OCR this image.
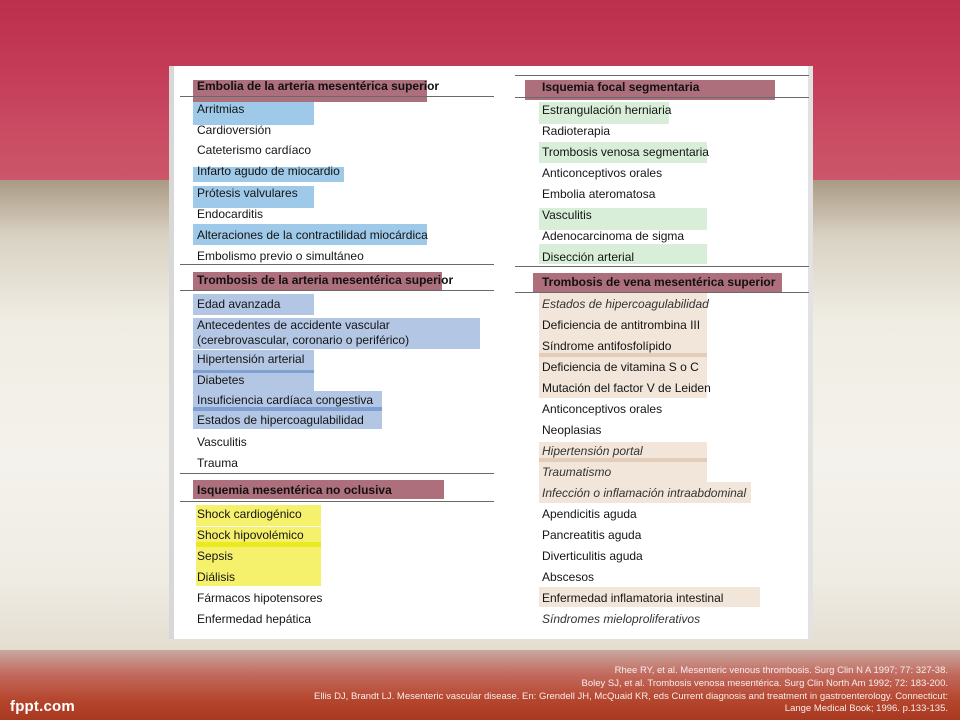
Embolia de la arteria mesentérica superior
Arritmias
Cardioversión
Cateterismo cardíaco
Infarto agudo de miocardio
Prótesis valvulares
Endocarditis
Alteraciones de la contractilidad miocárdica
Embolismo previo o simultáneo
Trombosis de la arteria mesentérica superior
Edad avanzada
Antecedentes de accidente vascular (cerebrovascular, coronario o periférico)
Hipertensión arterial
Diabetes
Insuficiencia cardíaca congestiva
Estados de hipercoagulabilidad
Vasculitis
Trauma
Isquemia mesentérica no oclusiva
Shock cardiogénico
Shock hipovolémico
Sepsis
Diálisis
Fármacos hipotensores
Enfermedad hepática
Isquemia focal segmentaria
Estrangulación herniaria
Radioterapia
Trombosis venosa segmentaria
Anticonceptivos orales
Embolia ateromatosa
Vasculitis
Adenocarcinoma de sigma
Disección arterial
Trombosis de vena mesentérica superior
Estados de hipercoagulabilidad
Deficiencia de antitrombina III
Síndrome antifosfolípido
Deficiencia de vitamina S o C
Mutación del factor V de Leiden
Anticonceptivos orales
Neoplasias
Hipertensión portal
Traumatismo
Infección o inflamación intraabdominal
Apendicitis aguda
Pancreatitis aguda
Diverticulitis aguda
Abscesos
Enfermedad inflamatoria intestinal
Síndromes mieloproliferativos
Rhee RY, et al. Mesenteric venous thrombosis. Surg Clin N A 1997; 77: 327-38.
Boley SJ, et al. Trombosis venosa mesentérica. Surg Clin North Am 1992; 72: 183-200.
Ellis DJ, Brandt LJ. Mesenteric vascular disease. En: Grendell JH, McQuaid KR, eds Current diagnosis and treatment in gastroenterology. Connecticut:
Lange Medical Book; 1996. p.133-135.
fppt.com
